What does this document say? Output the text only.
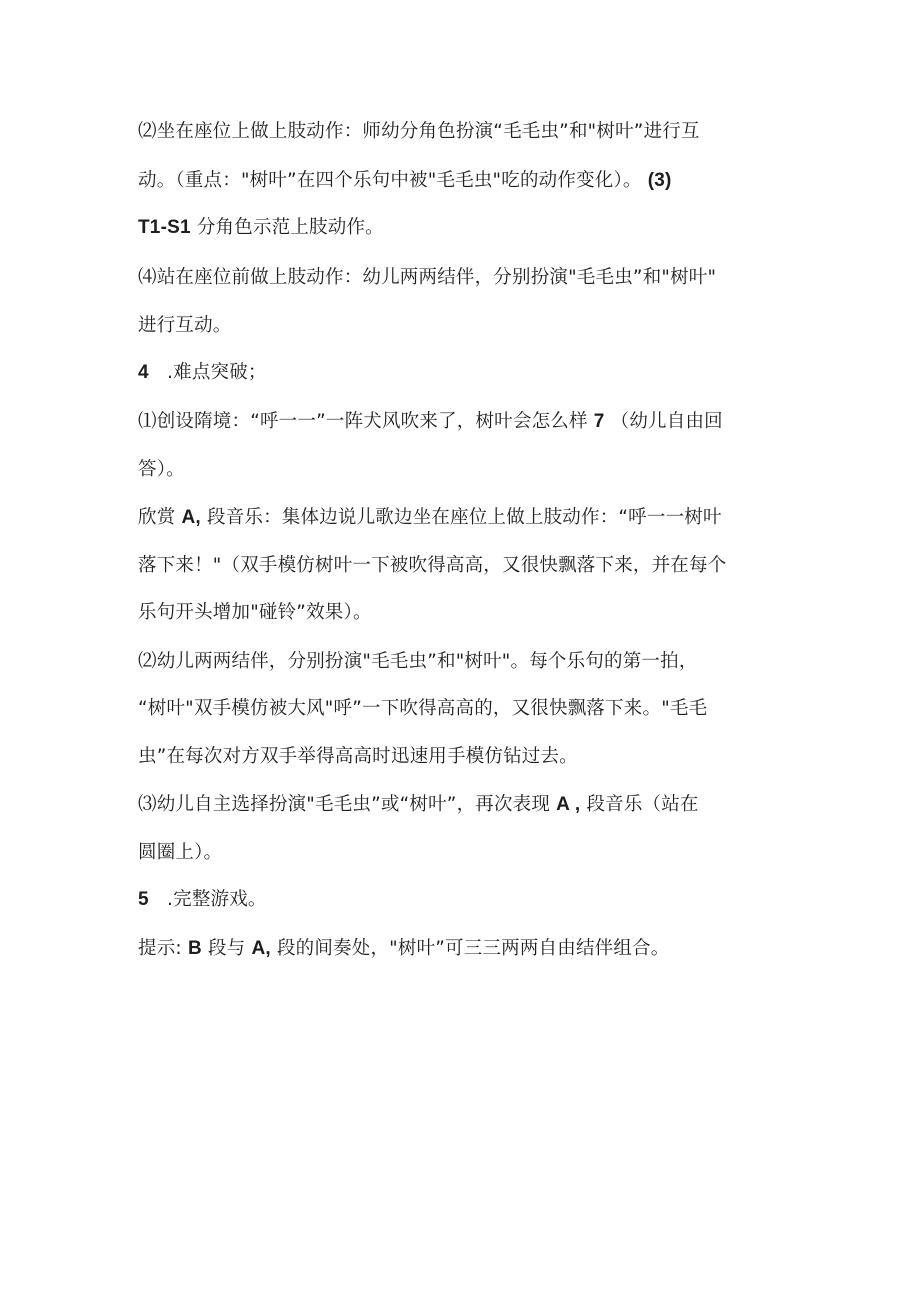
⑵坐在座位上做上肢动作：师幼分角色扮演“毛毛虫”和"树叶”进行互
动。（重点："树叶”在四个乐句中被"毛毛虫"吃的动作变化）。 (3)
T1-S1 分角色示范上肢动作。
⑷站在座位前做上肢动作：幼儿两两结伴，分别扮演"毛毛虫”和"树叶"
进行互动。
4   .难点突破；
⑴创设隋境：“呼一一”一阵犬风吹来了，树叶会怎么样 7 （幼儿自由回
答）。
欣赏 A, 段音乐：集体边说儿歌边坐在座位上做上肢动作：“呼一一树叶
落下来！"（双手模仿树叶一下被吹得高高，又很快飘落下来，并在每个
乐句开头增加"碰铃”效果）。
⑵幼儿两两结伴，分别扮演"毛毛虫”和"树叶"。每个乐句的第一拍，
“树叶"双手模仿被大风"呼”一下吹得高高的，又很快飘落下来。"毛毛
虫”在每次对方双手举得高高时迅速用手模仿钻过去。
⑶幼儿自主选择扮演"毛毛虫”或“树叶”，再次表现 A , 段音乐（站在
圆圈上）。
5   .完整游戏。
提示: B 段与 A, 段的间奏处，"树叶”可三三两两自由结伴组合。
